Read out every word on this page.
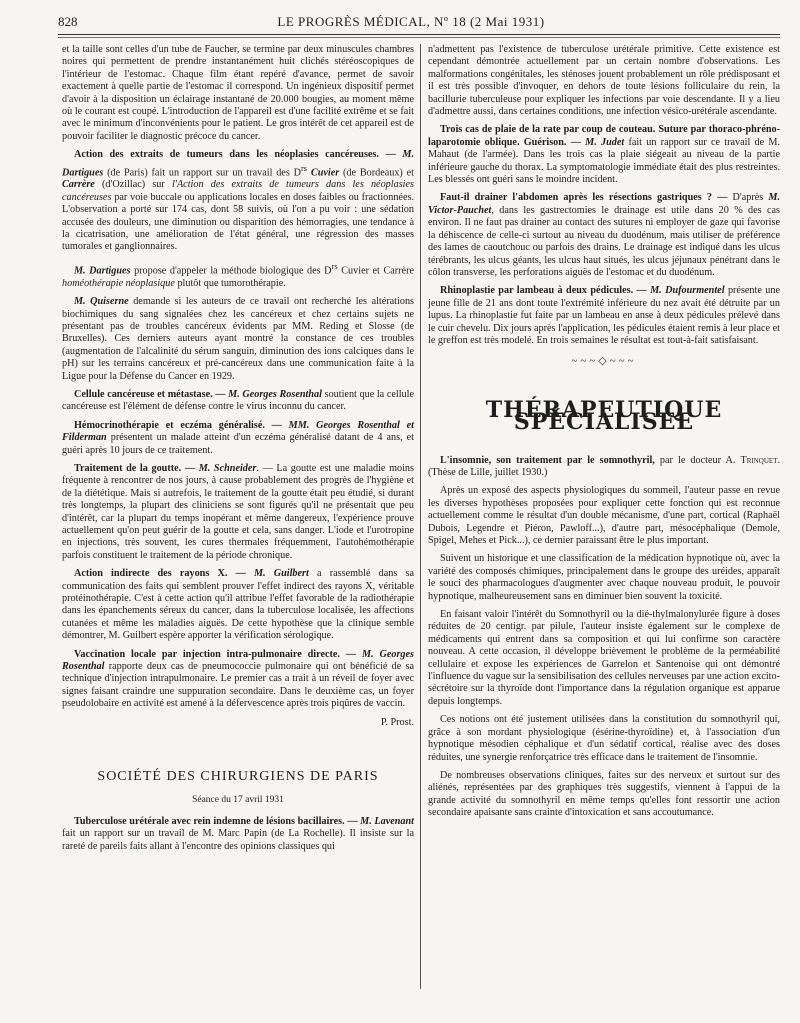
828	LE PROGRÈS MÉDICAL, Nº 18 (2 Mai 1931)

et la taille sont celles d'un tube de Faucher, se termine par deux minuscules chambres noires qui permettent de prendre instantanément huit clichés stéréoscopiques de l'intérieur de l'estomac. Chaque film étant repéré d'avance, permet de savoir exactement à quelle partie de l'estomac il correspond. Un ingénieux dispositif permet d'avoir à la disposition un éclairage instantané de 20.000 bougies, au moment même où le courant est coupé. L'introduction de l'appareil est d'une facilité extrême et se fait avec le minimum d'inconvénients pour le patient. Le gros intérêt de cet appareil est de pouvoir faciliter le diagnostic précoce du cancer.

Action des extraits de tumeurs dans les néoplasies cancéreuses. — M. Dartigues (de Paris) fait un rapport sur un travail des $D^{rs}$ Cuvier (de Bordeaux) et Carrère (d'Ozillac) sur l'Action des extraits de tumeurs dans les néoplasies cancéreuses par voie buccale ou applications locales en doses faibles ou fractionnées. L'observation a porté sur 174 cas, dont 58 suivis, où l'on a pu voir : une sédation accusée des douleurs, une diminution ou disparition des hémorragies, une tendance à la cicatrisation, une amélioration de l'état général, une régression des masses tumorales et ganglionnaires.

M. Dartigues propose d'appeler la méthode biologique des $D^{rs}$ Cuvier et Carrère homéothérapie néoplasique plutôt que tumorothérapie.

M. Quiserne demande si les auteurs de ce travail ont recherché les altérations biochimiques du sang signalées chez les cancéreux et chez certains sujets ne présentant pas de troubles cancéreux évidents par MM. Reding et Slosse (de Bruxelles). Ces derniers auteurs ayant montré la constance de ces troubles (augmentation de l'alcalinité du sérum sanguin, diminution des ions calciques dans le pH) sur les terrains cancéreux et pré-cancéreux dans une communication faite à la Ligue pour la Défense du Cancer en 1929.

Cellule cancéreuse et métastase. — M. Georges Rosenthal soutient que la cellule cancéreuse est l'élément de défense contre le virus inconnu du cancer.

Hémocrinothérapie et eczéma généralisé. — MM. Georges Rosenthal et Filderman présentent un malade atteint d'un eczéma généralisé datant de 4 ans, et guéri après 10 jours de ce traitement.

Traitement de la goutte. — M. Schneider. — La goutte est une maladie moins fréquente à rencontrer de nos jours, à cause probablement des progrès de l'hygiène et de la diététique. Mais si autrefois, le traitement de la goutte était peu étudié, si durant très longtemps, la plupart des cliniciens se sont figurés qu'il ne présentait que peu d'intérêt, car la plupart du temps inopérant et même dangereux, l'expérience prouve actuellement qu'on peut guérir de la goutte et cela, sans danger. L'iode et l'urotropine en injections, très souvent, les cures thermales fréquemment, l'autohémothérapie parfois constituent le traitement de la période chronique.

Action indirecte des rayons X. — M. Guilbert a rassemblé dans sa communication des faits qui semblent prouver l'effet indirect des rayons X, véritable protéinothérapie. C'est à cette action qu'il attribue l'effet favorable de la radiothérapie dans les épanchements séreux du cancer, dans la tuberculose localisée, les affections cutanées et même les maladies aiguës. De cette hypothèse que la clinique semble démontrer, M. Guilbert espère apporter la vérification sérologique.

Vaccination locale par injection intra-pulmonaire directe. — M. Georges Rosenthal rapporte deux cas de pneumococcie pulmonaire qui ont bénéficié de sa technique d'injection intrapulmonaire. Le premier cas a trait à un réveil de foyer avec signes faisant craindre une suppuration secondaire. Dans le deuxième cas, un foyer pseudolobaire en activité est amené à la défervescence après trois piqûres de vaccin.

P. Prost.

SOCIÉTÉ DES CHIRURGIENS DE PARIS
Séance du 17 avril 1931

Tuberculose urétérale avec rein indemne de lésions bacillaires. — M. Lavenant fait un rapport sur un travail de M. Marc Papin (de La Rochelle). Il insiste sur la rareté de pareils faits allant à l'encontre des opinions classiques qui

n'admettent pas l'existence de tuberculose urétérale primitive. Cette existence est cependant démontrée actuellement par un certain nombre d'observations. Les malformations congénitales, les sténoses jouent probablement un rôle prédisposant et il est très possible d'invoquer, en dehors de toute lésions folliculaire du rein, la bacillurie tuberculeuse pour expliquer les infections par voie descendante. Il y a lieu d'admettre aussi, dans certaines conditions, une infection vésico-urétérale ascendante.

Trois cas de plaie de la rate par coup de couteau. Suture par thoraco-phréno-laparotomie oblique. Guérison. — M. Judet fait un rapport sur ce travail de M. Mahaut (de l'armée). Dans les trois cas la plaie siégeait au niveau de la partie inférieure gauche du thorax. La symptomatologie immédiate était des plus restreintes. Les blessés ont guéri sans le moindre incident.

Faut-il drainer l'abdomen après les résections gastriques ? — D'après M. Victor-Pauchet, dans les gastrectomies le drainage est utile dans 20 % des cas environ. Il ne faut pas drainer au contact des sutures ni employer de gaze qui favorise la déhiscence de celle-ci surtout au niveau du duodénum, mais utiliser de préférence des lames de caoutchouc ou parfois des drains. Le drainage est indiqué dans les ulcus térébrants, les ulcus géants, les ulcus haut situés, les ulcus jéjunaux pénétrant dans le côlon transverse, les perforations aiguës de l'estomac et du duodénum.

Rhinoplastie par lambeau à deux pédicules. — M. Dufourmentel présente une jeune fille de 21 ans dont toute l'extrémité inférieure du nez avait été détruite par un lupus. La rhinoplastie fut faite par un lambeau en anse à deux pédicules prélevé dans le cuir chevelu. Dix jours après l'application, les pédicules étaient remis à leur place et le greffon est très modelé. En trois semaines le résultat est tout-à-fait satisfaisant.

~~~◇~~~
THÉRAPEUTIQUE SPÉCIALISÉE

L'insomnie, son traitement par le somnothyril, par le docteur A. Trinquet. (Thèse de Lille, juillet 1930.)

Après un exposé des aspects physiologiques du sommeil, l'auteur passe en revue les diverses hypothèses proposées pour expliquer cette fonction qui est reconnue actuellement comme le résultat d'un double mécanisme, d'une part, cortical (Raphaël Dubois, Legendre et Piéron, Pawloff...), d'autre part, mésocéphalique (Demole, Spigel, Mehes et Pick...), ce dernier paraissant être le plus important.

Suivent un historique et une classification de la médication hypnotique où, avec la variété des composés chimiques, principalement dans le groupe des uréides, apparaît le souci des pharmacologues d'augmenter avec chaque nouveau produit, le pouvoir hypnotique, malheureusement sans en diminuer bien souvent la toxicité.

En faisant valoir l'intérêt du Somnothyril ou la dié-thylmalonylurée figure à doses réduites de 20 centigr. par pilule, l'auteur insiste également sur le complexe de médicaments qui entrent dans sa composition et qui lui confirme son caractère nouveau. A cette occasion, il développe brièvement le problème de la perméabilité cellulaire et expose les expériences de Garrelon et Santenoise qui ont démontré l'influence du vague sur la sensibilisation des cellules nerveuses par une action excito-sécrétoire sur la thyroïde dont l'importance dans la régulation organique est apparue depuis longtemps.

Ces notions ont été justement utilisées dans la constitution du somnothyril qui, grâce à son mordant physiologique (ésérine-thyroïdine) et, à l'association d'un hypnotique mésodien céphalique et d'un sédatif cortical, réalise avec des doses réduites, une synergie renforçatrice très efficace dans le traitement de l'insomnie.

De nombreuses observations cliniques, faites sur des nerveux et surtout sur des aliénés, représentées par des graphiques très suggestifs, viennent à l'appui de la grande activité du somnothyril en même temps qu'elles font ressortir une action secondaire apaisante sans crainte d'intoxication et sans accoutumance.
